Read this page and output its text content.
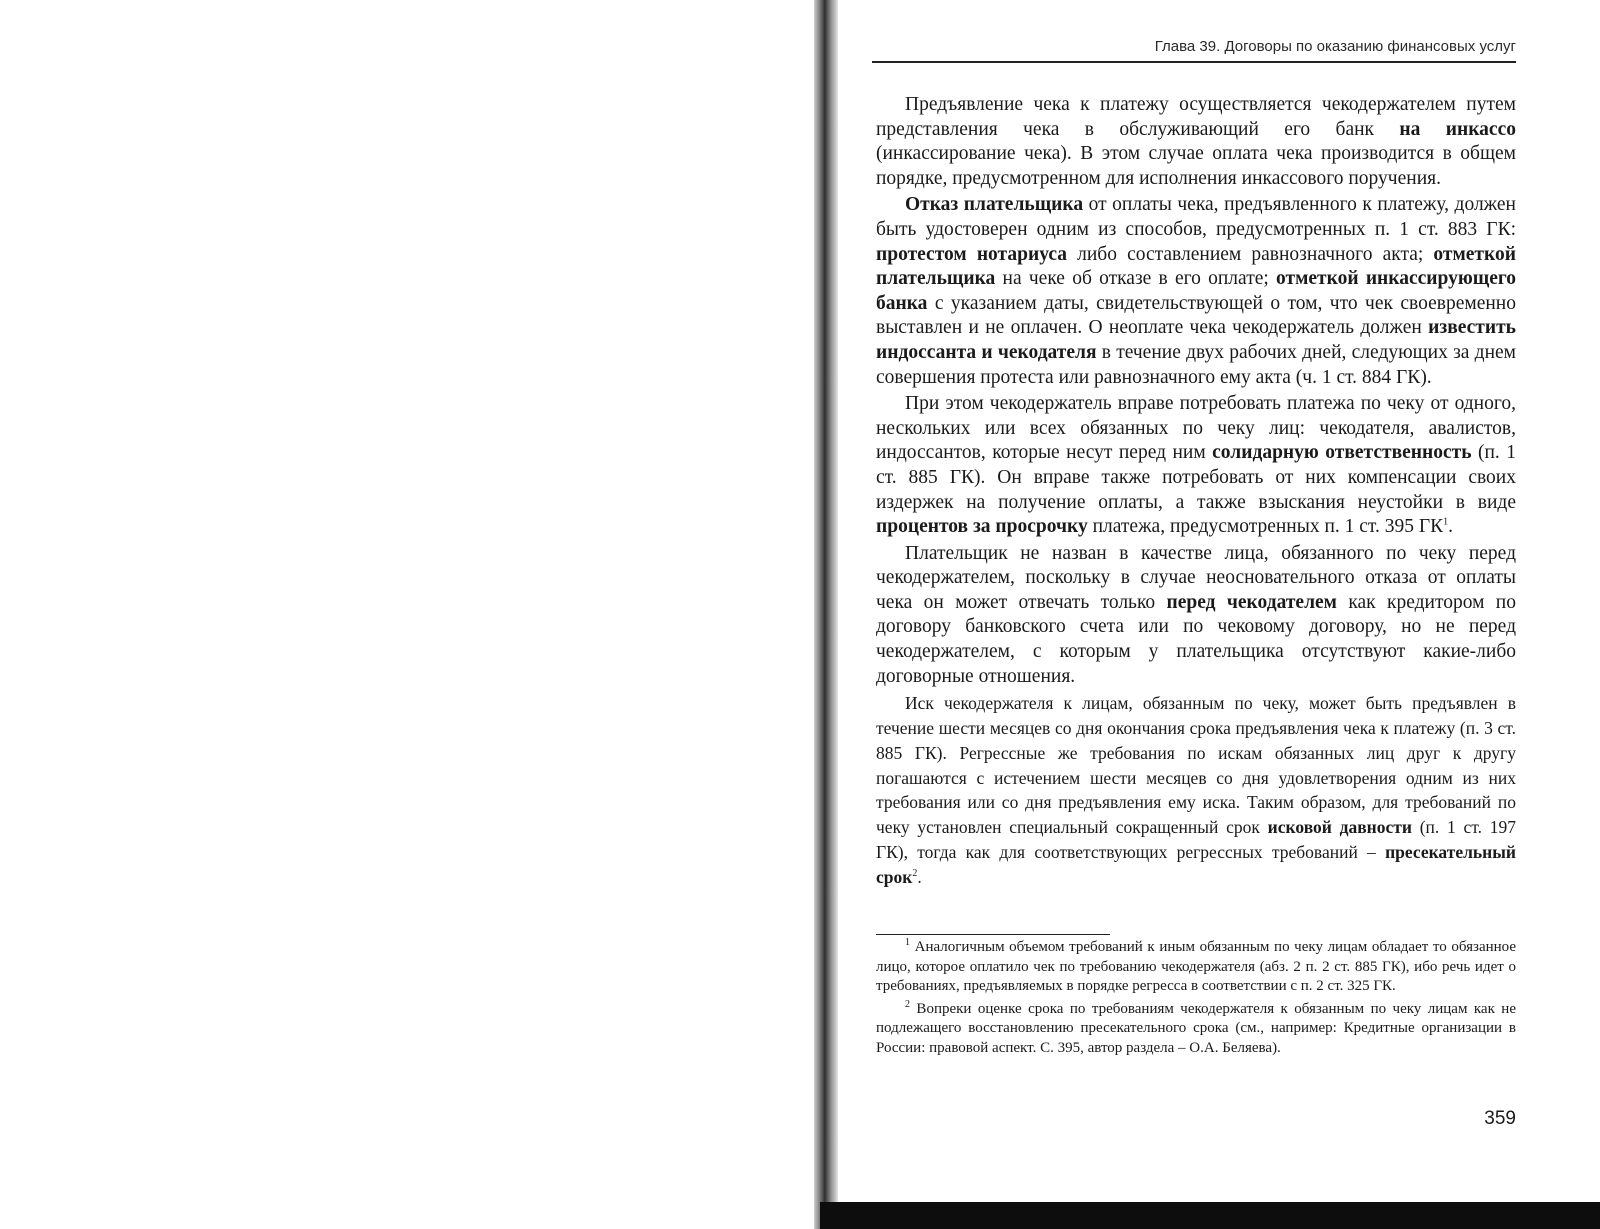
Глава 39. Договоры по оказанию финансовых услуг

Предъявление чека к платежу осуществляется чекодержателем путем представления чека в обслуживающий его банк на инкассо (инкассирование чека). В этом случае оплата чека производится в общем порядке, предусмотренном для исполнения инкассового поручения.

Отказ плательщика от оплаты чека, предъявленного к платежу, должен быть удостоверен одним из способов, предусмотренных п. 1 ст. 883 ГК: протестом нотариуса либо составлением равнозначного акта; отметкой плательщика на чеке об отказе в его оплате; отметкой инкассирующего банка с указанием даты, свидетельствующей о том, что чек своевременно выставлен и не оплачен. О неоплате чека чекодержатель должен известить индоссанта и чекодателя в течение двух рабочих дней, следующих за днем совершения протеста или равнозначного ему акта (ч. 1 ст. 884 ГК).

При этом чекодержатель вправе потребовать платежа по чеку от одного, нескольких или всех обязанных по чеку лиц: чекодателя, авалистов, индоссантов, которые несут перед ним солидарную ответственность (п. 1 ст. 885 ГК). Он вправе также потребовать от них компенсации своих издержек на получение оплаты, а также взыскания неустойки в виде процентов за просрочку платежа, предусмотренных п. 1 ст. 395 $ГК^1$.

Плательщик не назван в качестве лица, обязанного по чеку перед чекодержателем, поскольку в случае неосновательного отказа от оплаты чека он может отвечать только перед чекодателем как кредитором по договору банковского счета или по чековому договору, но не перед чекодержателем, с которым у плательщика отсутствуют какие-либо договорные отношения.

Иск чекодержателя к лицам, обязанным по чеку, может быть предъявлен в течение шести месяцев со дня окончания срока предъявления чека к платежу (п. 3 ст. 885 ГК). Регрессные же требования по искам обязанных лиц друг к другу погашаются с истечением шести месяцев со дня удовлетворения одним из них требования или со дня предъявления ему иска. Таким образом, для требований по чеку установлен специальный сокращенный срок исковой давности (п. 1 ст. 197 ГК), тогда как для соответствующих регрессных требований – пресекательный срок$^2$.

$^1$ Аналогичным объемом требований к иным обязанным по чеку лицам обладает то обязанное лицо, которое оплатило чек по требованию чекодержателя (абз. 2 п. 2 ст. 885 ГК), ибо речь идет о требованиях, предъявляемых в порядке регресса в соответствии с п. 2 ст. 325 ГК.

$^2$ Вопреки оценке срока по требованиям чекодержателя к обязанным по чеку лицам как не подлежащего восстановлению пресекательного срока (см., например: Кредитные организации в России: правовой аспект. С. 395, автор раздела – О.А. Беляева).

359
